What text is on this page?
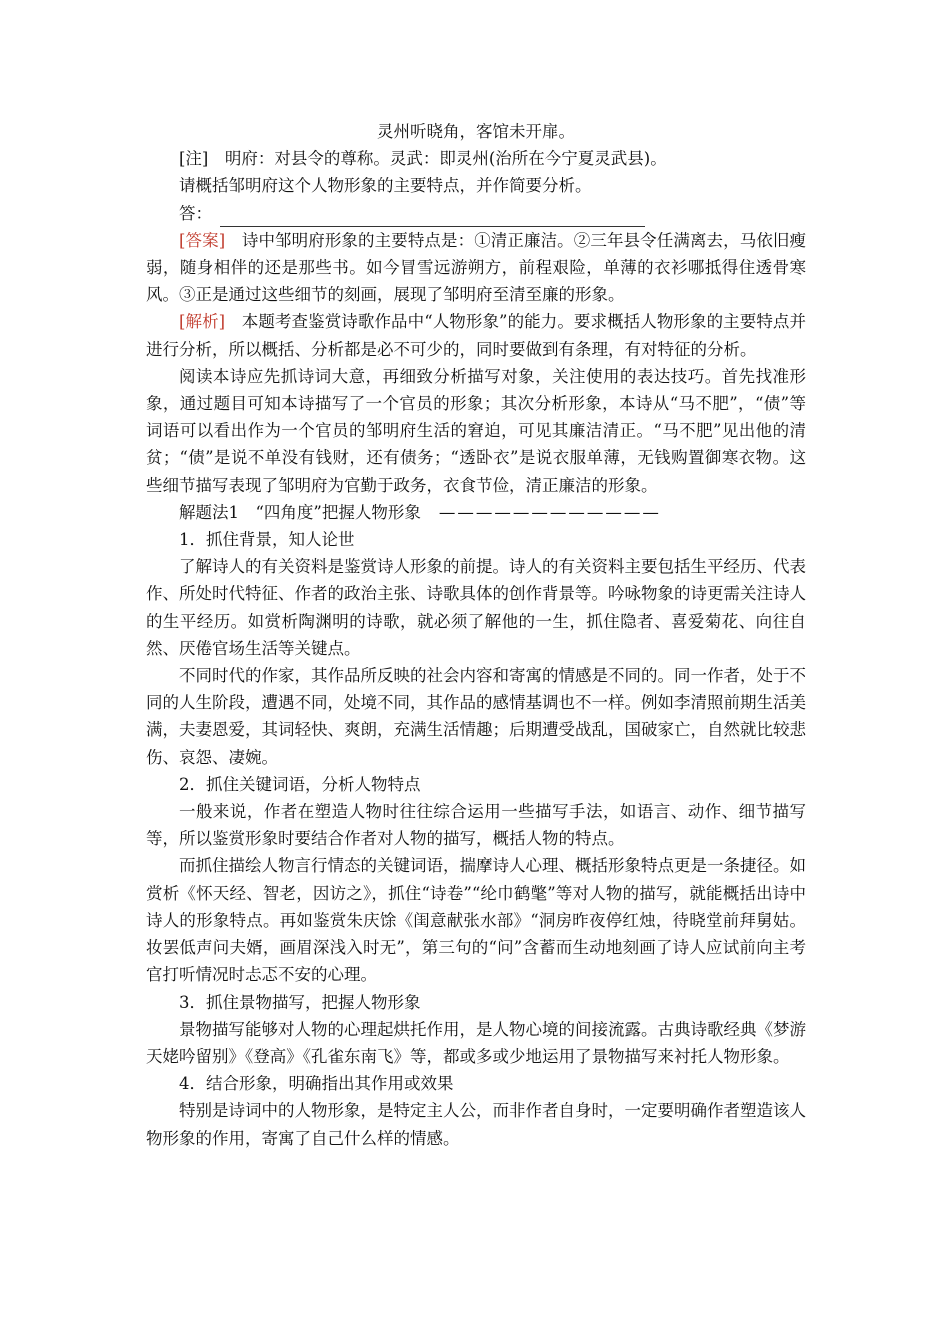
灵州听晓角，客馆未开扉。

[注]　明府：对县令的尊称。灵武：即灵州(治所在今宁夏灵武县)。

请概括邹明府这个人物形象的主要特点，并作简要分析。

答：

[答案]　诗中邹明府形象的主要特点是：①清正廉洁。②三年县令任满离去，马依旧瘦弱，随身相伴的还是那些书。如今冒雪远游朔方，前程艰险，单薄的衣衫哪抵得住透骨寒风。③正是通过这些细节的刻画，展现了邹明府至清至廉的形象。

[解析]　本题考查鉴赏诗歌作品中“人物形象”的能力。要求概括人物形象的主要特点并进行分析，所以概括、分析都是必不可少的，同时要做到有条理，有对特征的分析。

阅读本诗应先抓诗词大意，再细致分析描写对象，关注使用的表达技巧。首先找准形象，通过题目可知本诗描写了一个官员的形象；其次分析形象，本诗从“马不肥”，“债”等词语可以看出作为一个官员的邹明府生活的窘迫，可见其廉洁清正。“马不肥”见出他的清贫；“债”是说不单没有钱财，还有债务；“透卧衣”是说衣服单薄，无钱购置御寒衣物。这些细节描写表现了邹明府为官勤于政务，衣食节俭，清正廉洁的形象。

解题法1　“四角度”把握人物形象 ————————————

1．抓住背景，知人论世

了解诗人的有关资料是鉴赏诗人形象的前提。诗人的有关资料主要包括生平经历、代表作、所处时代特征、作者的政治主张、诗歌具体的创作背景等。吟咏物象的诗更需关注诗人的生平经历。如赏析陶渊明的诗歌，就必须了解他的一生，抓住隐者、喜爱菊花、向往自然、厌倦官场生活等关键点。

不同时代的作家，其作品所反映的社会内容和寄寓的情感是不同的。同一作者，处于不同的人生阶段，遭遇不同，处境不同，其作品的感情基调也不一样。例如李清照前期生活美满，夫妻恩爱，其词轻快、爽朗，充满生活情趣；后期遭受战乱，国破家亡，自然就比较悲伤、哀怨、凄婉。

2．抓住关键词语，分析人物特点

一般来说，作者在塑造人物时往往综合运用一些描写手法，如语言、动作、细节描写等，所以鉴赏形象时要结合作者对人物的描写，概括人物的特点。

而抓住描绘人物言行情态的关键词语，揣摩诗人心理、概括形象特点更是一条捷径。如赏析《怀天经、智老，因访之》，抓住“诗卷”“纶巾鹤氅”等对人物的描写，就能概括出诗中诗人的形象特点。再如鉴赏朱庆馀《闺意献张水部》“洞房昨夜停红烛，待晓堂前拜舅姑。妆罢低声问夫婿，画眉深浅入时无”，第三句的“问”含蓄而生动地刻画了诗人应试前向主考官打听情况时忐忑不安的心理。

3．抓住景物描写，把握人物形象

景物描写能够对人物的心理起烘托作用，是人物心境的间接流露。古典诗歌经典《梦游天姥吟留别》《登高》《孔雀东南飞》等，都或多或少地运用了景物描写来衬托人物形象。

4．结合形象，明确指出其作用或效果

特别是诗词中的人物形象，是特定主人公，而非作者自身时，一定要明确作者塑造该人物形象的作用，寄寓了自己什么样的情感。
